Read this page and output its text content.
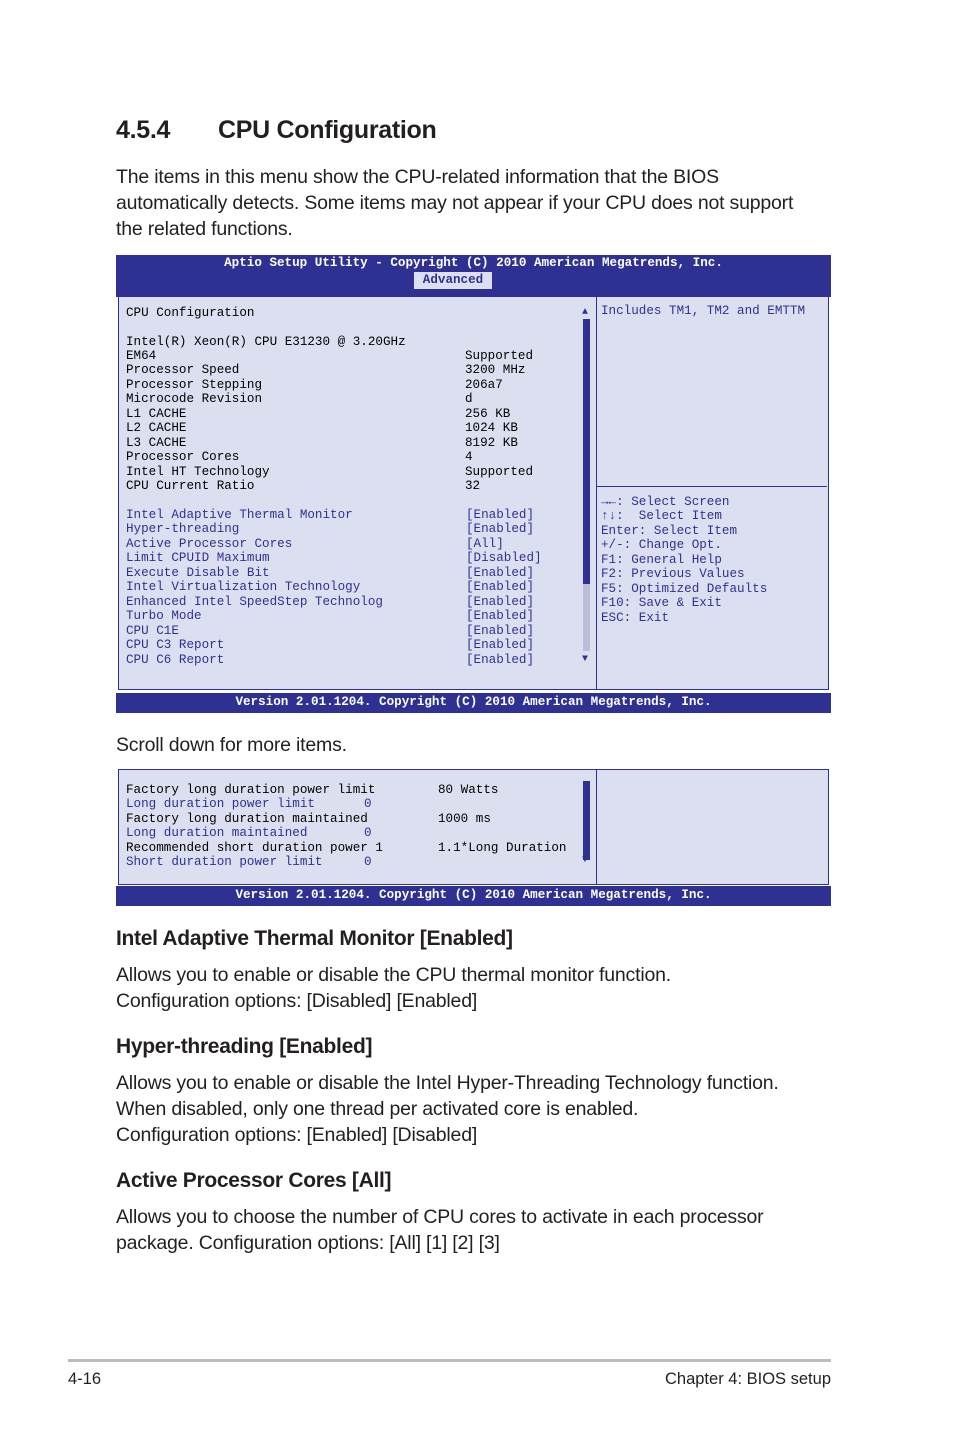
4.5.4 CPU Configuration

The items in this menu show the CPU-related information that the BIOS
automatically detects. Some items may not appear if your CPU does not support
the related functions.

Aptio Setup Utility - Copyright (C) 2010 American Megatrends, Inc.
Advanced
CPU Configuration
Intel(R) Xeon(R) CPU E31230 @ 3.20GHz
EM64	Supported
Processor Speed	3200 MHz
Processor Stepping	206a7
Microcode Revision	d
L1 CACHE	256 KB
L2 CACHE	1024 KB
L3 CACHE	8192 KB
Processor Cores	4
Intel HT Technology	Supported
CPU Current Ratio	32
Intel Adaptive Thermal Monitor	[Enabled]
Hyper-threading	[Enabled]
Active Processor Cores	[All]
Limit CPUID Maximum	[Disabled]
Execute Disable Bit	[Enabled]
Intel Virtualization Technology	[Enabled]
Enhanced Intel SpeedStep Technolog	[Enabled]
Turbo Mode	[Enabled]
CPU C1E	[Enabled]
CPU C3 Report	[Enabled]
CPU C6 Report	[Enabled]
▲
▼
Includes TM1, TM2 and EMTTM
→←: Select Screen
↑↓:  Select Item
Enter: Select Item
+/-: Change Opt.
F1: General Help
F2: Previous Values
F5: Optimized Defaults
F10: Save & Exit
ESC: Exit
Version 2.01.1204. Copyright (C) 2010 American Megatrends, Inc.

Scroll down for more items.

Factory long duration power limit	80 Watts
Long duration power limit	0
Factory long duration maintained	1000 ms
Long duration maintained	0
Recommended short duration power 1	1.1*Long Duration
Short duration power limit	0	▼
Version 2.01.1204. Copyright (C) 2010 American Megatrends, Inc.
Intel Adaptive Thermal Monitor [Enabled]

Allows you to enable or disable the CPU thermal monitor function.
Configuration options: [Disabled] [Enabled]

Hyper-threading [Enabled]

Allows you to enable or disable the Intel Hyper-Threading Technology function.
When disabled, only one thread per activated core is enabled.
Configuration options: [Enabled] [Disabled]

Active Processor Cores [All]

Allows you to choose the number of CPU cores to activate in each processor
package. Configuration options: [All] [1] [2] [3]

4-16	Chapter 4: BIOS setup
